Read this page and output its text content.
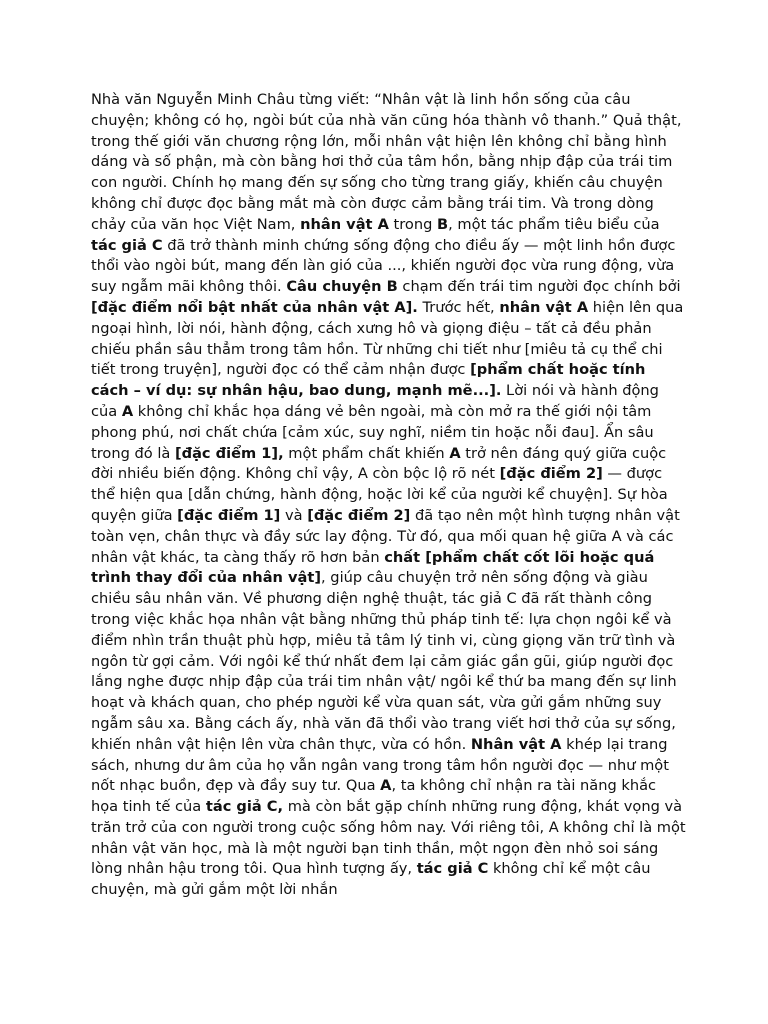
Nhà văn Nguyễn Minh Châu từng viết: “Nhân vật là linh hồn sống của câu chuyện; không có họ, ngòi bút của nhà văn cũng hóa thành vô thanh.” Quả thật, trong thế giới văn chương rộng lớn, mỗi nhân vật hiện lên không chỉ bằng hình dáng và số phận, mà còn bằng hơi thở của tâm hồn, bằng nhịp đập của trái tim con người. Chính họ mang đến sự sống cho từng trang giấy, khiến câu chuyện không chỉ được đọc bằng mắt mà còn được cảm bằng trái tim. Và trong dòng chảy của văn học Việt Nam, nhân vật A trong B, một tác phẩm tiêu biểu của tác giả C đã trở thành minh chứng sống động cho điều ấy — một linh hồn được thổi vào ngòi bút, mang đến làn gió của ..., khiến người đọc vừa rung động, vừa suy ngẫm mãi không thôi. Câu chuyện B chạm đến trái tim người đọc chính bởi [đặc điểm nổi bật nhất của nhân vật A]. Trước hết, nhân vật A hiện lên qua ngoại hình, lời nói, hành động, cách xưng hô và giọng điệu – tất cả đều phản chiếu phần sâu thẳm trong tâm hồn. Từ những chi tiết như [miêu tả cụ thể chi tiết trong truyện], người đọc có thể cảm nhận được [phẩm chất hoặc tính cách – ví dụ: sự nhân hậu, bao dung, mạnh mẽ...]. Lời nói và hành động của A không chỉ khắc họa dáng vẻ bên ngoài, mà còn mở ra thế giới nội tâm phong phú, nơi chất chứa [cảm xúc, suy nghĩ, niềm tin hoặc nỗi đau]. Ẩn sâu trong đó là [đặc điểm 1], một phẩm chất khiến A trở nên đáng quý giữa cuộc đời nhiều biến động. Không chỉ vậy, A còn bộc lộ rõ nét [đặc điểm 2] — được thể hiện qua [dẫn chứng, hành động, hoặc lời kể của người kể chuyện]. Sự hòa quyện giữa [đặc điểm 1] và [đặc điểm 2] đã tạo nên một hình tượng nhân vật toàn vẹn, chân thực và đầy sức lay động. Từ đó, qua mối quan hệ giữa A và các nhân vật khác, ta càng thấy rõ hơn bản chất [phẩm chất cốt lõi hoặc quá trình thay đổi của nhân vật], giúp câu chuyện trở nên sống động và giàu chiều sâu nhân văn. Về phương diện nghệ thuật, tác giả C đã rất thành công trong việc khắc họa nhân vật bằng những thủ pháp tinh tế: lựa chọn ngôi kể và điểm nhìn trần thuật phù hợp, miêu tả tâm lý tinh vi, cùng giọng văn trữ tình và ngôn từ gợi cảm. Với ngôi kể thứ nhất đem lại cảm giác gần gũi, giúp người đọc lắng nghe được nhịp đập của trái tim nhân vật/ ngôi kể thứ ba mang đến sự linh hoạt và khách quan, cho phép người kể vừa quan sát, vừa gửi gắm những suy ngẫm sâu xa. Bằng cách ấy, nhà văn đã thổi vào trang viết hơi thở của sự sống, khiến nhân vật hiện lên vừa chân thực, vừa có hồn. Nhân vật A khép lại trang sách, nhưng dư âm của họ vẫn ngân vang trong tâm hồn người đọc — như một nốt nhạc buồn, đẹp và đầy suy tư. Qua A, ta không chỉ nhận ra tài năng khắc họa tinh tế của tác giả C, mà còn bắt gặp chính những rung động, khát vọng và trăn trở của con người trong cuộc sống hôm nay. Với riêng tôi, A không chỉ là một nhân vật văn học, mà là một người bạn tinh thần, một ngọn đèn nhỏ soi sáng lòng nhân hậu trong tôi. Qua hình tượng ấy, tác giả C không chỉ kể một câu chuyện, mà gửi gắm một lời nhắn
